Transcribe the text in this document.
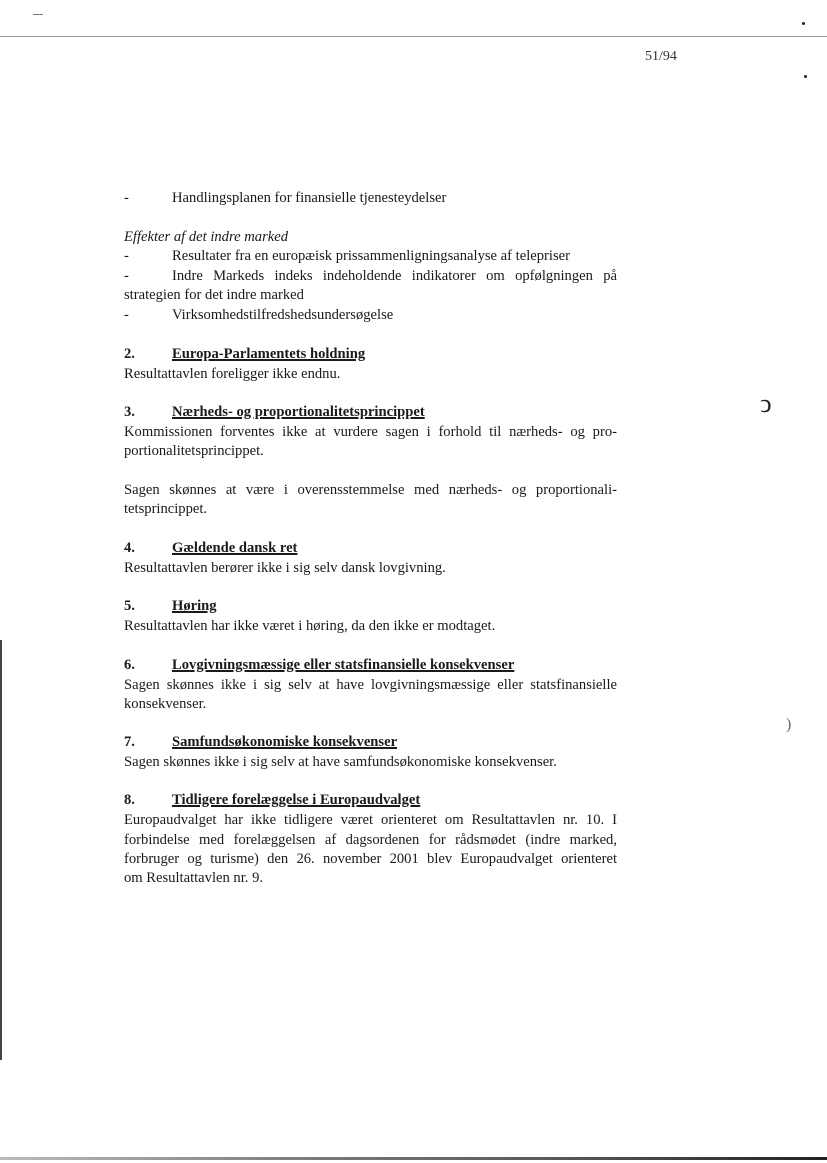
ↄ
)
51/94
-	Handlingsplanen for finansielle tjenesteydelser
Effekter af det indre marked
-	Resultater fra en europæisk prissammenligningsanalyse af telepriser
-	Indre Markeds indeks indeholdende indikatorer om opfølgningen på
strategien for det indre marked
-	Virksomhedstilfredshedsundersøgelse
2.	Europa-Parlamentets holdning
Resultattavlen foreligger ikke endnu.
3.	Nærheds- og proportionalitetsprincippet
Kommissionen forventes ikke at vurdere sagen i forhold til nærheds- og pro-
portionalitetsprincippet.
Sagen skønnes at være i overensstemmelse med nærheds- og proportionali-
tetsprincippet.
4.	Gældende dansk ret
Resultattavlen berører ikke i sig selv dansk lovgivning.
5.	Høring
Resultattavlen har ikke været i høring, da den ikke er modtaget.
6.	Lovgivningsmæssige eller statsfinansielle konsekvenser
Sagen skønnes ikke i sig selv at have lovgivningsmæssige eller statsfinansielle
konsekvenser.
7.	Samfundsøkonomiske konsekvenser
Sagen skønnes ikke i sig selv at have samfundsøkonomiske konsekvenser.
8.	Tidligere forelæggelse i Europaudvalget
Europaudvalget har ikke tidligere været orienteret om Resultattavlen nr. 10. I
forbindelse med forelæggelsen af dagsordenen for rådsmødet (indre marked,
forbruger og turisme) den 26. november 2001 blev Europaudvalget orienteret
om Resultattavlen nr. 9.
